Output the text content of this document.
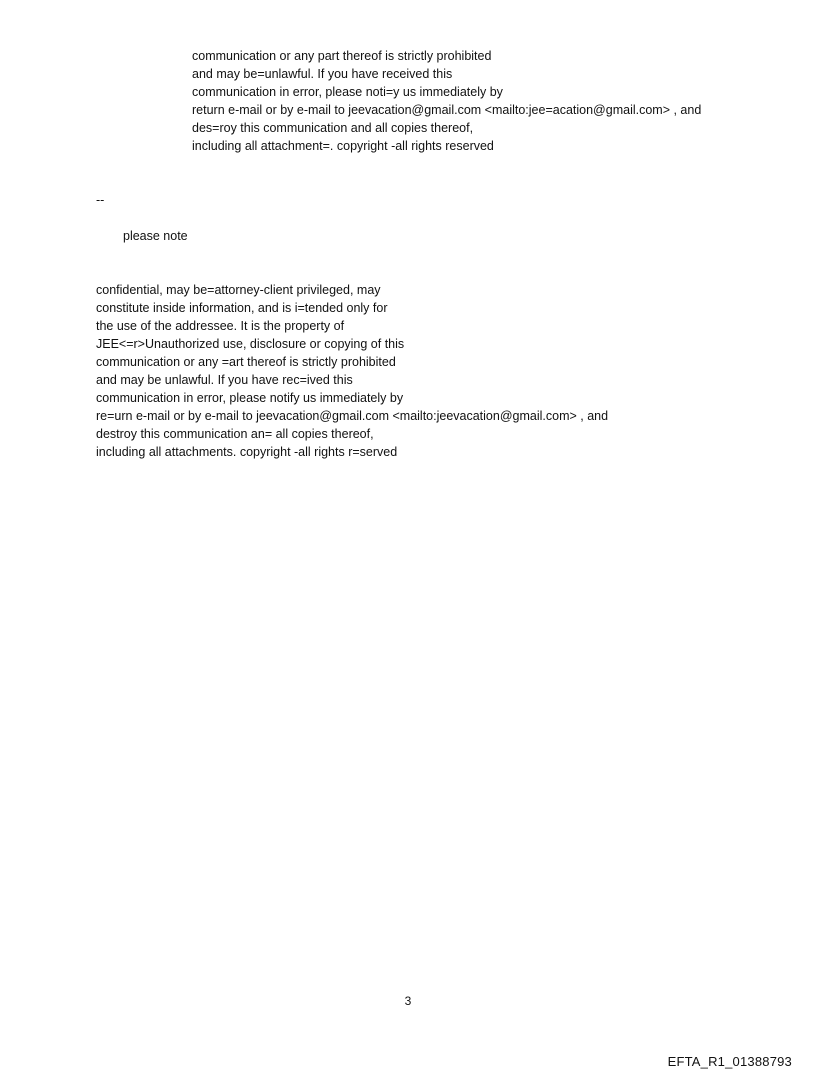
communication or any part thereof is strictly prohibited
and may be=unlawful. If you have received this
communication in error, please noti=y us immediately by
return e-mail or by e-mail to jeevacation@gmail.com <mailto:jee=acation@gmail.com> , and
des=roy this communication and all copies thereof,
including all attachment=. copyright -all rights reserved
--
please note
confidential, may be=attorney-client privileged, may
constitute inside information, and is i=tended only for
the use of the addressee. It is the property of
JEE<=r>Unauthorized use, disclosure or copying of this
communication or any =art thereof is strictly prohibited
and may be unlawful. If you have rec=ived this
communication in error, please notify us immediately by
re=urn e-mail or by e-mail to jeevacation@gmail.com <mailto:jeevacation@gmail.com> , and
destroy this communication an= all copies thereof,
including all attachments. copyright -all rights r=served
3
EFTA_R1_01388793
